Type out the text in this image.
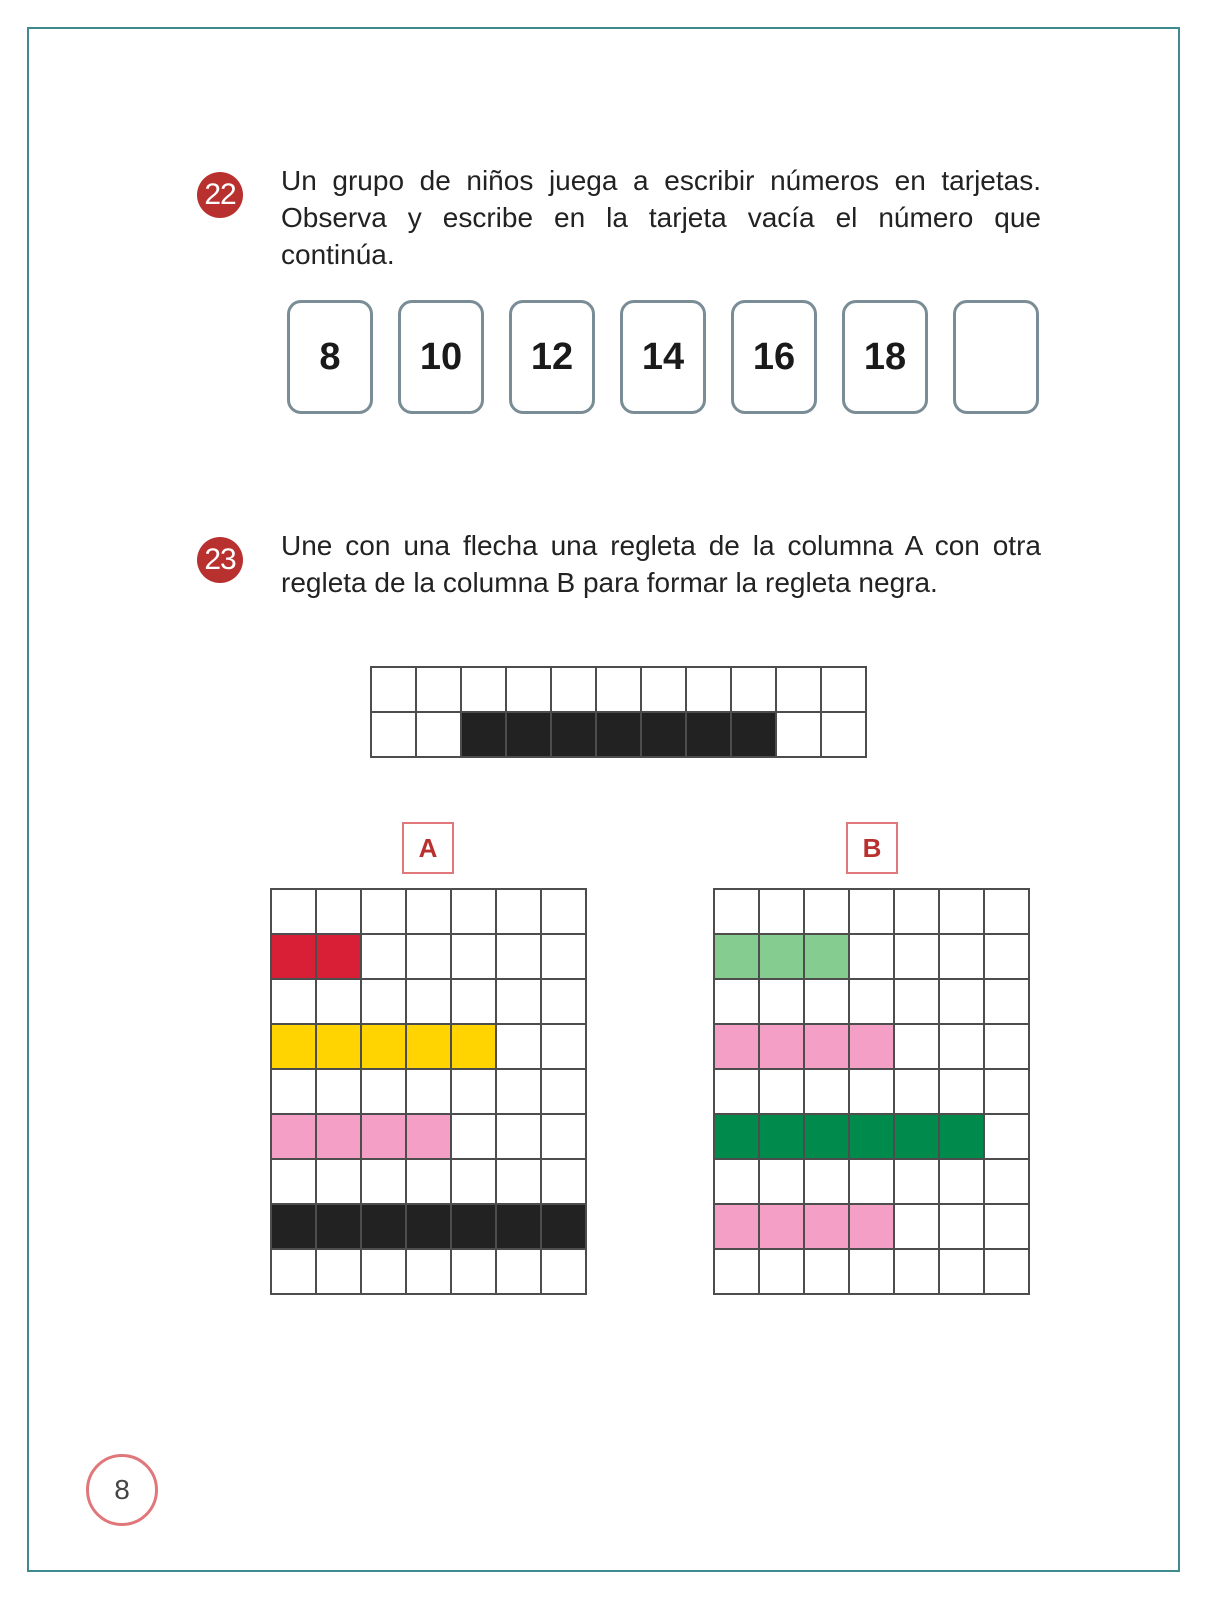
22 Un grupo de niños juega a escribir números en tarjetas. Observa y escribe en la tarjeta vacía el número que continúa.
8	10	12	14	16	18
23 Une con una flecha una regleta de la columna A con otra regleta de la columna B para formar la regleta negra.
A	B
8
